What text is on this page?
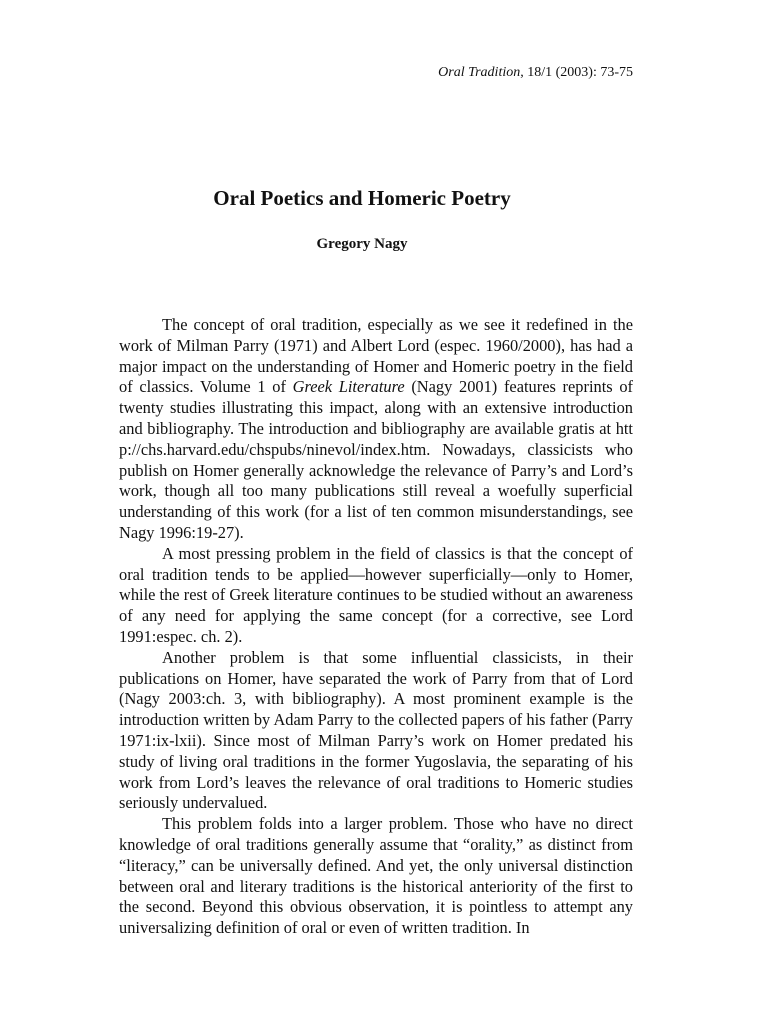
Oral Tradition, 18/1 (2003): 73-75
Oral Poetics and Homeric Poetry
Gregory Nagy

The concept of oral tradition, especially as we see it redefined in the work of Milman Parry (1971) and Albert Lord (espec. 1960/2000), has had a major impact on the understanding of Homer and Homeric poetry in the field of classics. Volume 1 of Greek Literature (Nagy 2001) features reprints of twenty studies illustrating this impact, along with an extensive introduction and bibliography. The introduction and bibliography are available gratis at http://chs.harvard.edu/chspubs/ninevol/index.htm. Nowadays, classicists who publish on Homer generally acknowledge the relevance of Parry’s and Lord’s work, though all too many publications still reveal a woefully superficial understanding of this work (for a list of ten common misunderstandings, see Nagy 1996:19-27).

A most pressing problem in the field of classics is that the concept of oral tradition tends to be applied—however superficially—only to Homer, while the rest of Greek literature continues to be studied without an awareness of any need for applying the same concept (for a corrective, see Lord 1991:espec. ch. 2).

Another problem is that some influential classicists, in their publications on Homer, have separated the work of Parry from that of Lord (Nagy 2003:ch. 3, with bibliography). A most prominent example is the introduction written by Adam Parry to the collected papers of his father (Parry 1971:ix-lxii). Since most of Milman Parry’s work on Homer predated his study of living oral traditions in the former Yugoslavia, the separating of his work from Lord’s leaves the relevance of oral traditions to Homeric studies seriously undervalued.

This problem folds into a larger problem. Those who have no direct knowledge of oral traditions generally assume that “orality,” as distinct from “literacy,” can be universally defined. And yet, the only universal distinction between oral and literary traditions is the historical anteriority of the first to the second. Beyond this obvious observation, it is pointless to attempt any universalizing definition of oral or even of written tradition. In
